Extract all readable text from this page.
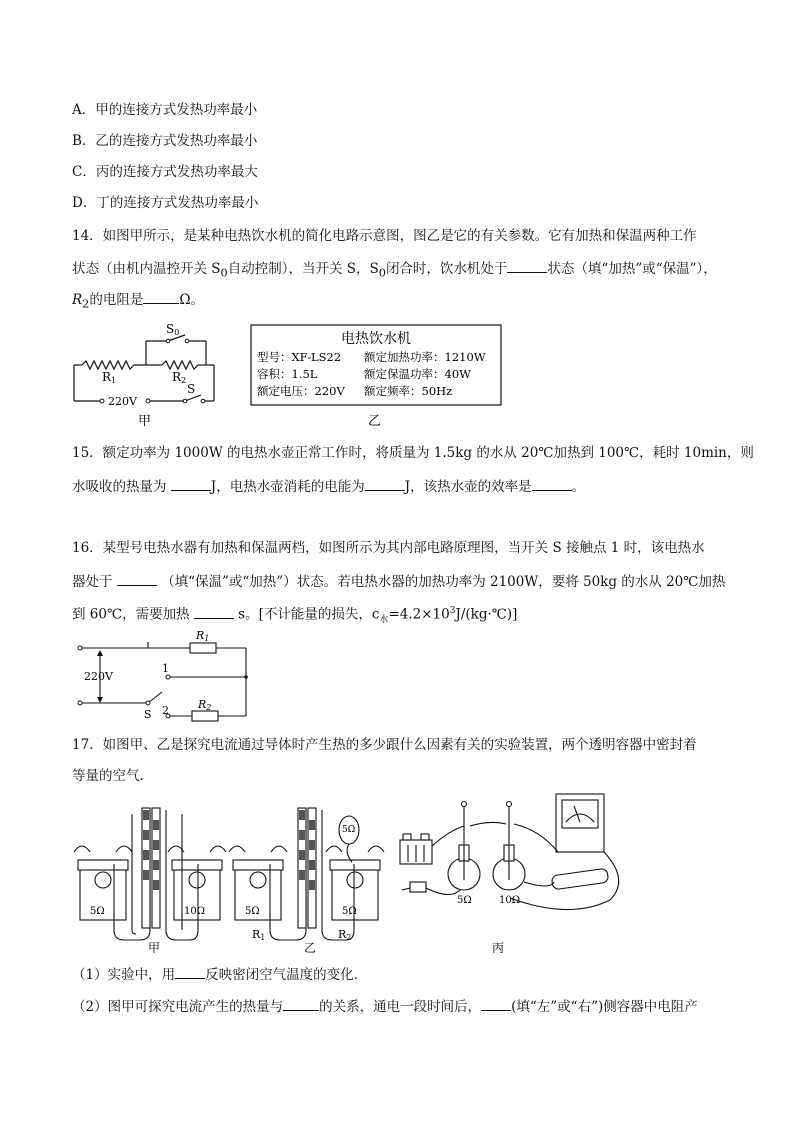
A．甲的连接方式发热功率最小
B．乙的连接方式发热功率最小
C．丙的连接方式发热功率最大
D．丁的连接方式发热功率最小
14．如图甲所示，是某种电热饮水机的简化电路示意图，图乙是它的有关参数。它有加热和保温两种工作
状态（由机内温控开关 $S_0$自动控制），当开关 S，$S_0$闭合时，饮水机处于	状态（填“加热”或“保温”），
$R_2$的电阻是	Ω。
S0
R1	R2
S
220V
甲
电热饮水机
型号：XF-LS22 额定加热功率：1210W
容积：1.5L	额定保温功率：40W
额定电压：220V 额定频率：50Hz
乙
15．额定功率为 1000W 的电热水壶正常工作时，将质量为 1.5kg 的水从 20℃加热到 100℃，耗时 10min，则
水吸收的热量为	J，电热水壶消耗的电能为	J，该热水壶的效率是	。
16．某型号电热水器有加热和保温两档，如图所示为其内部电路原理图，当开关 S 接触点 1 时，该电热水
器处于	（填“保温”或“加热”）状态。若电热水器的加热功率为 2100W，要将 50kg 的水从 20℃加热
到 60℃，需要加热	s。[不计能量的损失，$c_水=4.2\times 10^3J/(kg\cdot℃)$]
R1
R2
220V
1
2
S
17．如图甲、乙是探究电流通过导体时产生热的多少跟什么因素有关的实验装置，两个透明容器中密封着
等量的空气．
5Ω	10Ω
甲
5Ω	5Ω
5Ω
R1	R2
乙
5Ω	10Ω
丙
（1）实验中，用 反映密闭空气温度的变化．
（2）图甲可探究电流产生的热量与	的关系，通电一段时间后， (填“左”或“右”)侧容器中电阻产
